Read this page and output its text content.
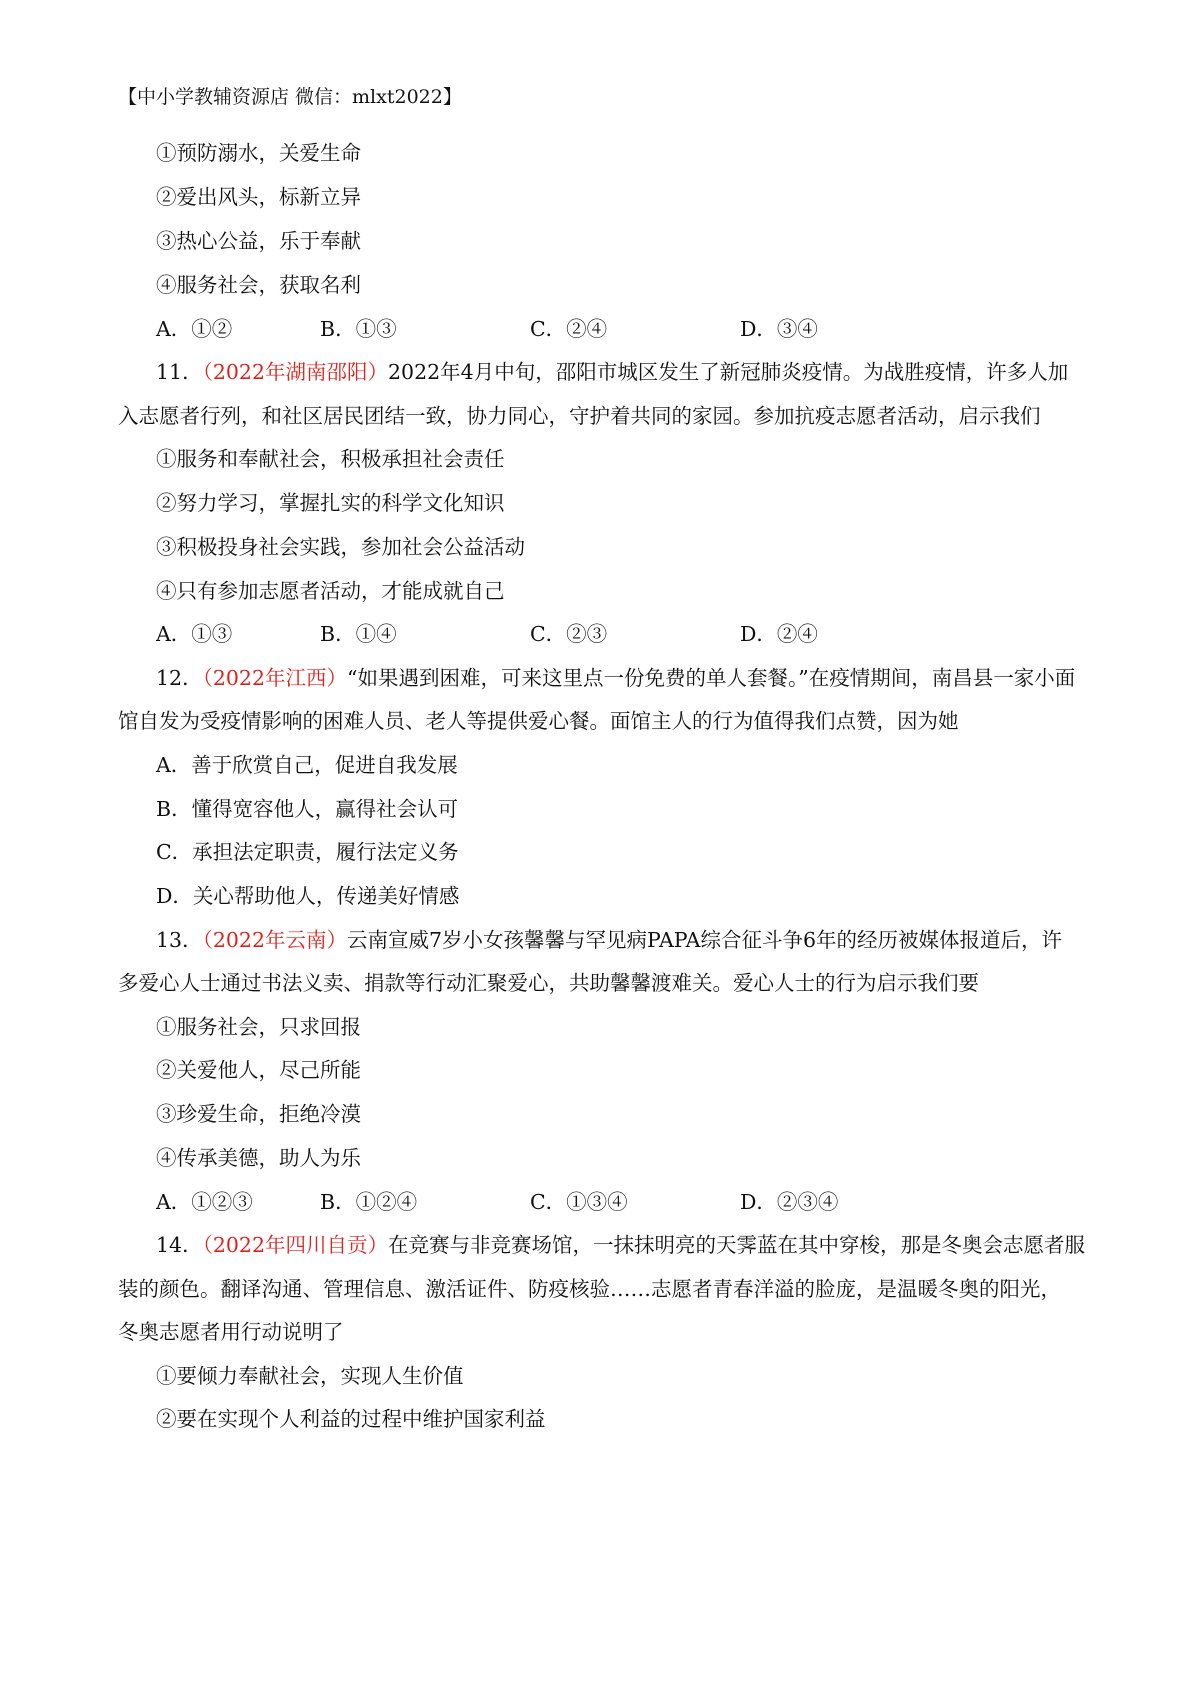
【中小学教辅资源店 微信：mlxt2022】
①预防溺水，关爱生命
②爱出风头，标新立异
③热心公益，乐于奉献
④服务社会，获取名利
A．①②	B．①③	C．②④	D．③④
11．（2022年湖南邵阳）2022年4月中旬，邵阳市城区发生了新冠肺炎疫情。为战胜疫情，许多人加
入志愿者行列，和社区居民团结一致，协力同心，守护着共同的家园。参加抗疫志愿者活动，启示我们
①服务和奉献社会，积极承担社会责任
②努力学习，掌握扎实的科学文化知识
③积极投身社会实践，参加社会公益活动
④只有参加志愿者活动，才能成就自己
A．①③	B．①④	C．②③	D．②④
12．（2022年江西）“如果遇到困难，可来这里点一份免费的单人套餐。”在疫情期间，南昌县一家小面
馆自发为受疫情影响的困难人员、老人等提供爱心餐。面馆主人的行为值得我们点赞，因为她
A．善于欣赏自己，促进自我发展
B．懂得宽容他人，赢得社会认可
C．承担法定职责，履行法定义务
D．关心帮助他人，传递美好情感
13．（2022年云南）云南宣威7岁小女孩馨馨与罕见病PAPA综合征斗争6年的经历被媒体报道后，许
多爱心人士通过书法义卖、捐款等行动汇聚爱心，共助馨馨渡难关。爱心人士的行为启示我们要
①服务社会，只求回报
②关爱他人，尽己所能
③珍爱生命，拒绝冷漠
④传承美德，助人为乐
A．①②③	B．①②④	C．①③④	D．②③④
14．（2022年四川自贡）在竞赛与非竞赛场馆，一抹抹明亮的天霁蓝在其中穿梭，那是冬奥会志愿者服
装的颜色。翻译沟通、管理信息、激活证件、防疫核验……志愿者青春洋溢的脸庞，是温暖冬奥的阳光，
冬奥志愿者用行动说明了
①要倾力奉献社会，实现人生价值
②要在实现个人利益的过程中维护国家利益
